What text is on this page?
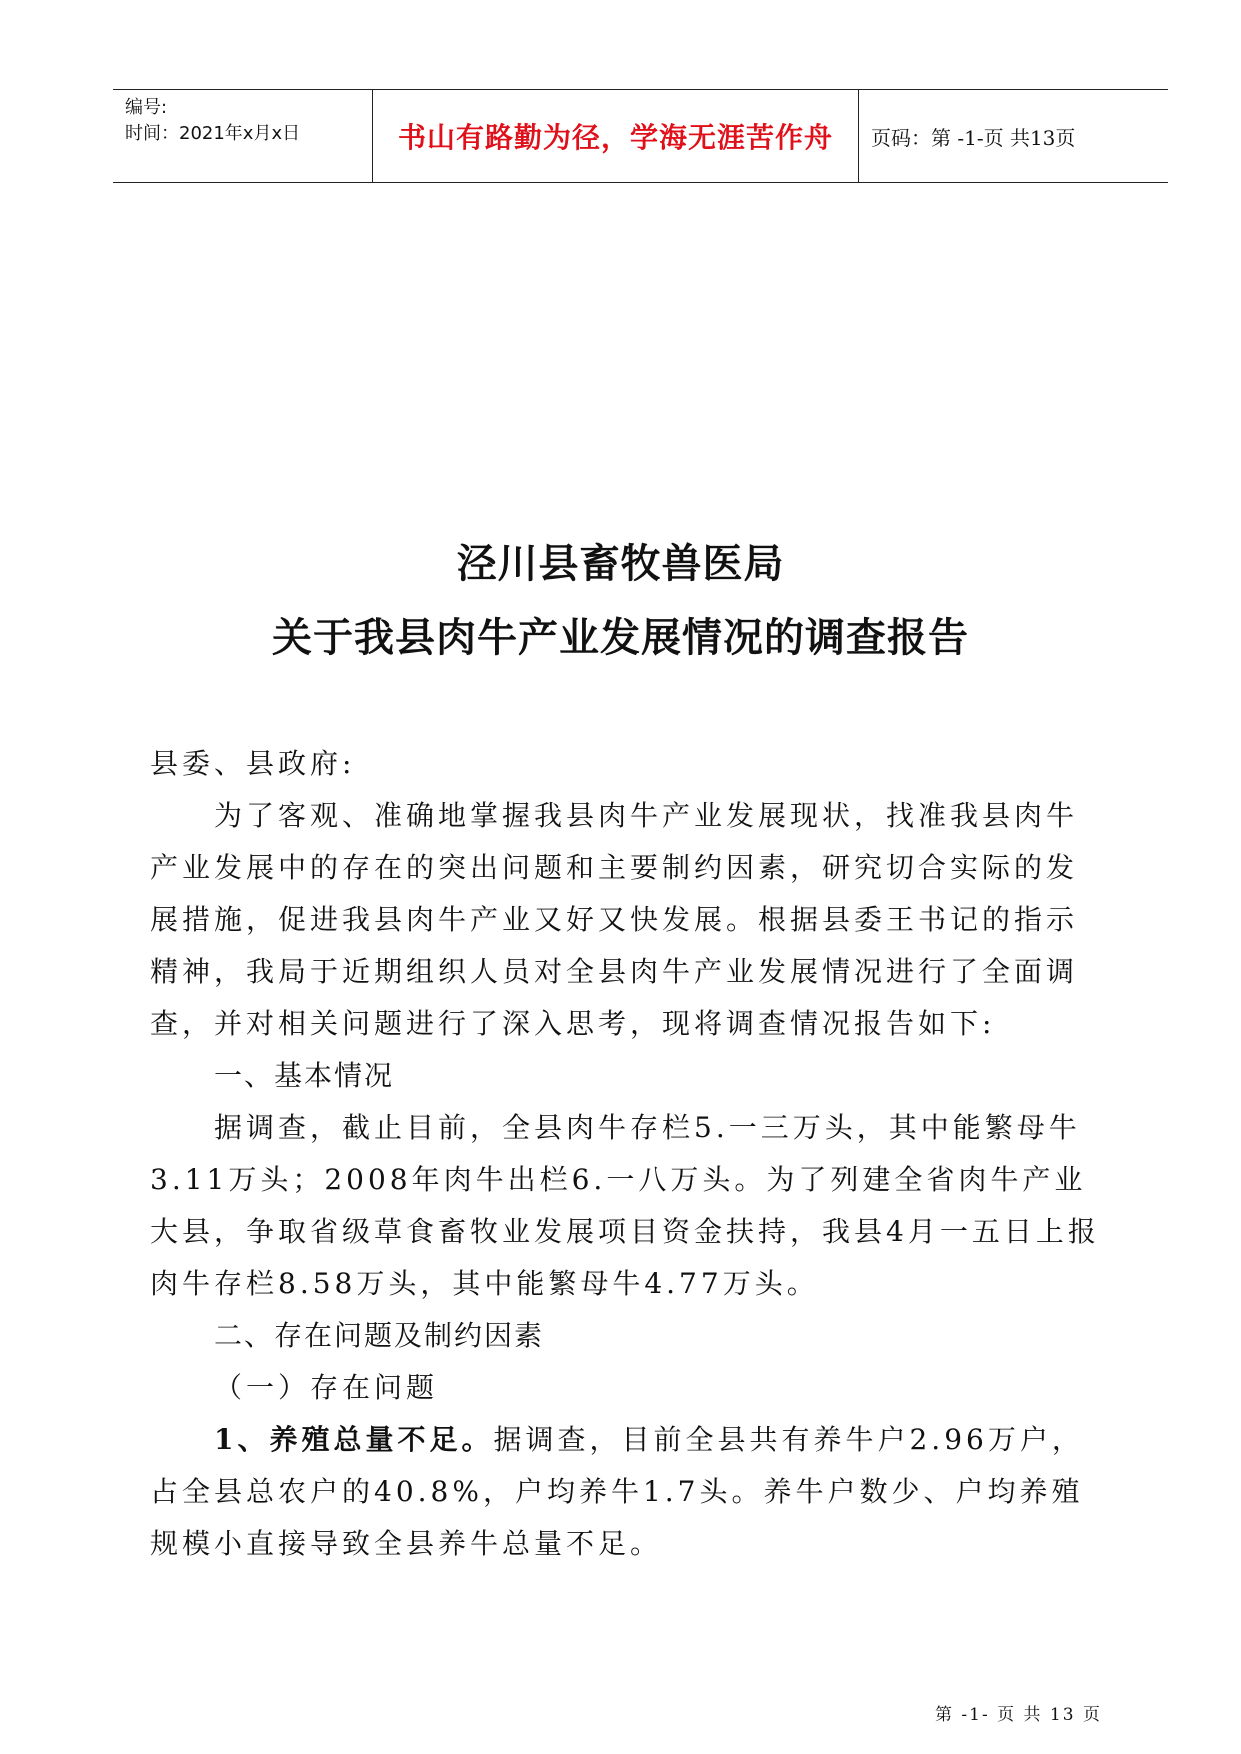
编号:
时间：2021年x月x日	书山有路勤为径，学海无涯苦作舟 页码：第 -1-页 共13页
泾川县畜牧兽医局
关于我县肉牛产业发展情况的调查报告
县委、县政府:
为了客观、准确地掌握我县肉牛产业发展现状，找准我县肉牛产业发展中的存在的突出问题和主要制约因素，研究切合实际的发展措施，促进我县肉牛产业又好又快发展。根据县委王书记的指示精神，我局于近期组织人员对全县肉牛产业发展情况进行了全面调查，并对相关问题进行了深入思考，现将调查情况报告如下:
一、基本情况
据调查，截止目前，全县肉牛存栏5.一三万头，其中能繁母牛3.11万头；2008年肉牛出栏6.一八万头。为了列建全省肉牛产业大县，争取省级草食畜牧业发展项目资金扶持，我县4月一五日上报肉牛存栏8.58万头，其中能繁母牛4.77万头。
二、存在问题及制约因素
（一）存在问题
1、养殖总量不足。据调查，目前全县共有养牛户2.96万户，占全县总农户的40.8%，户均养牛1.7头。养牛户数少、户均养殖规模小直接导致全县养牛总量不足。
第 -1- 页 共 13 页
